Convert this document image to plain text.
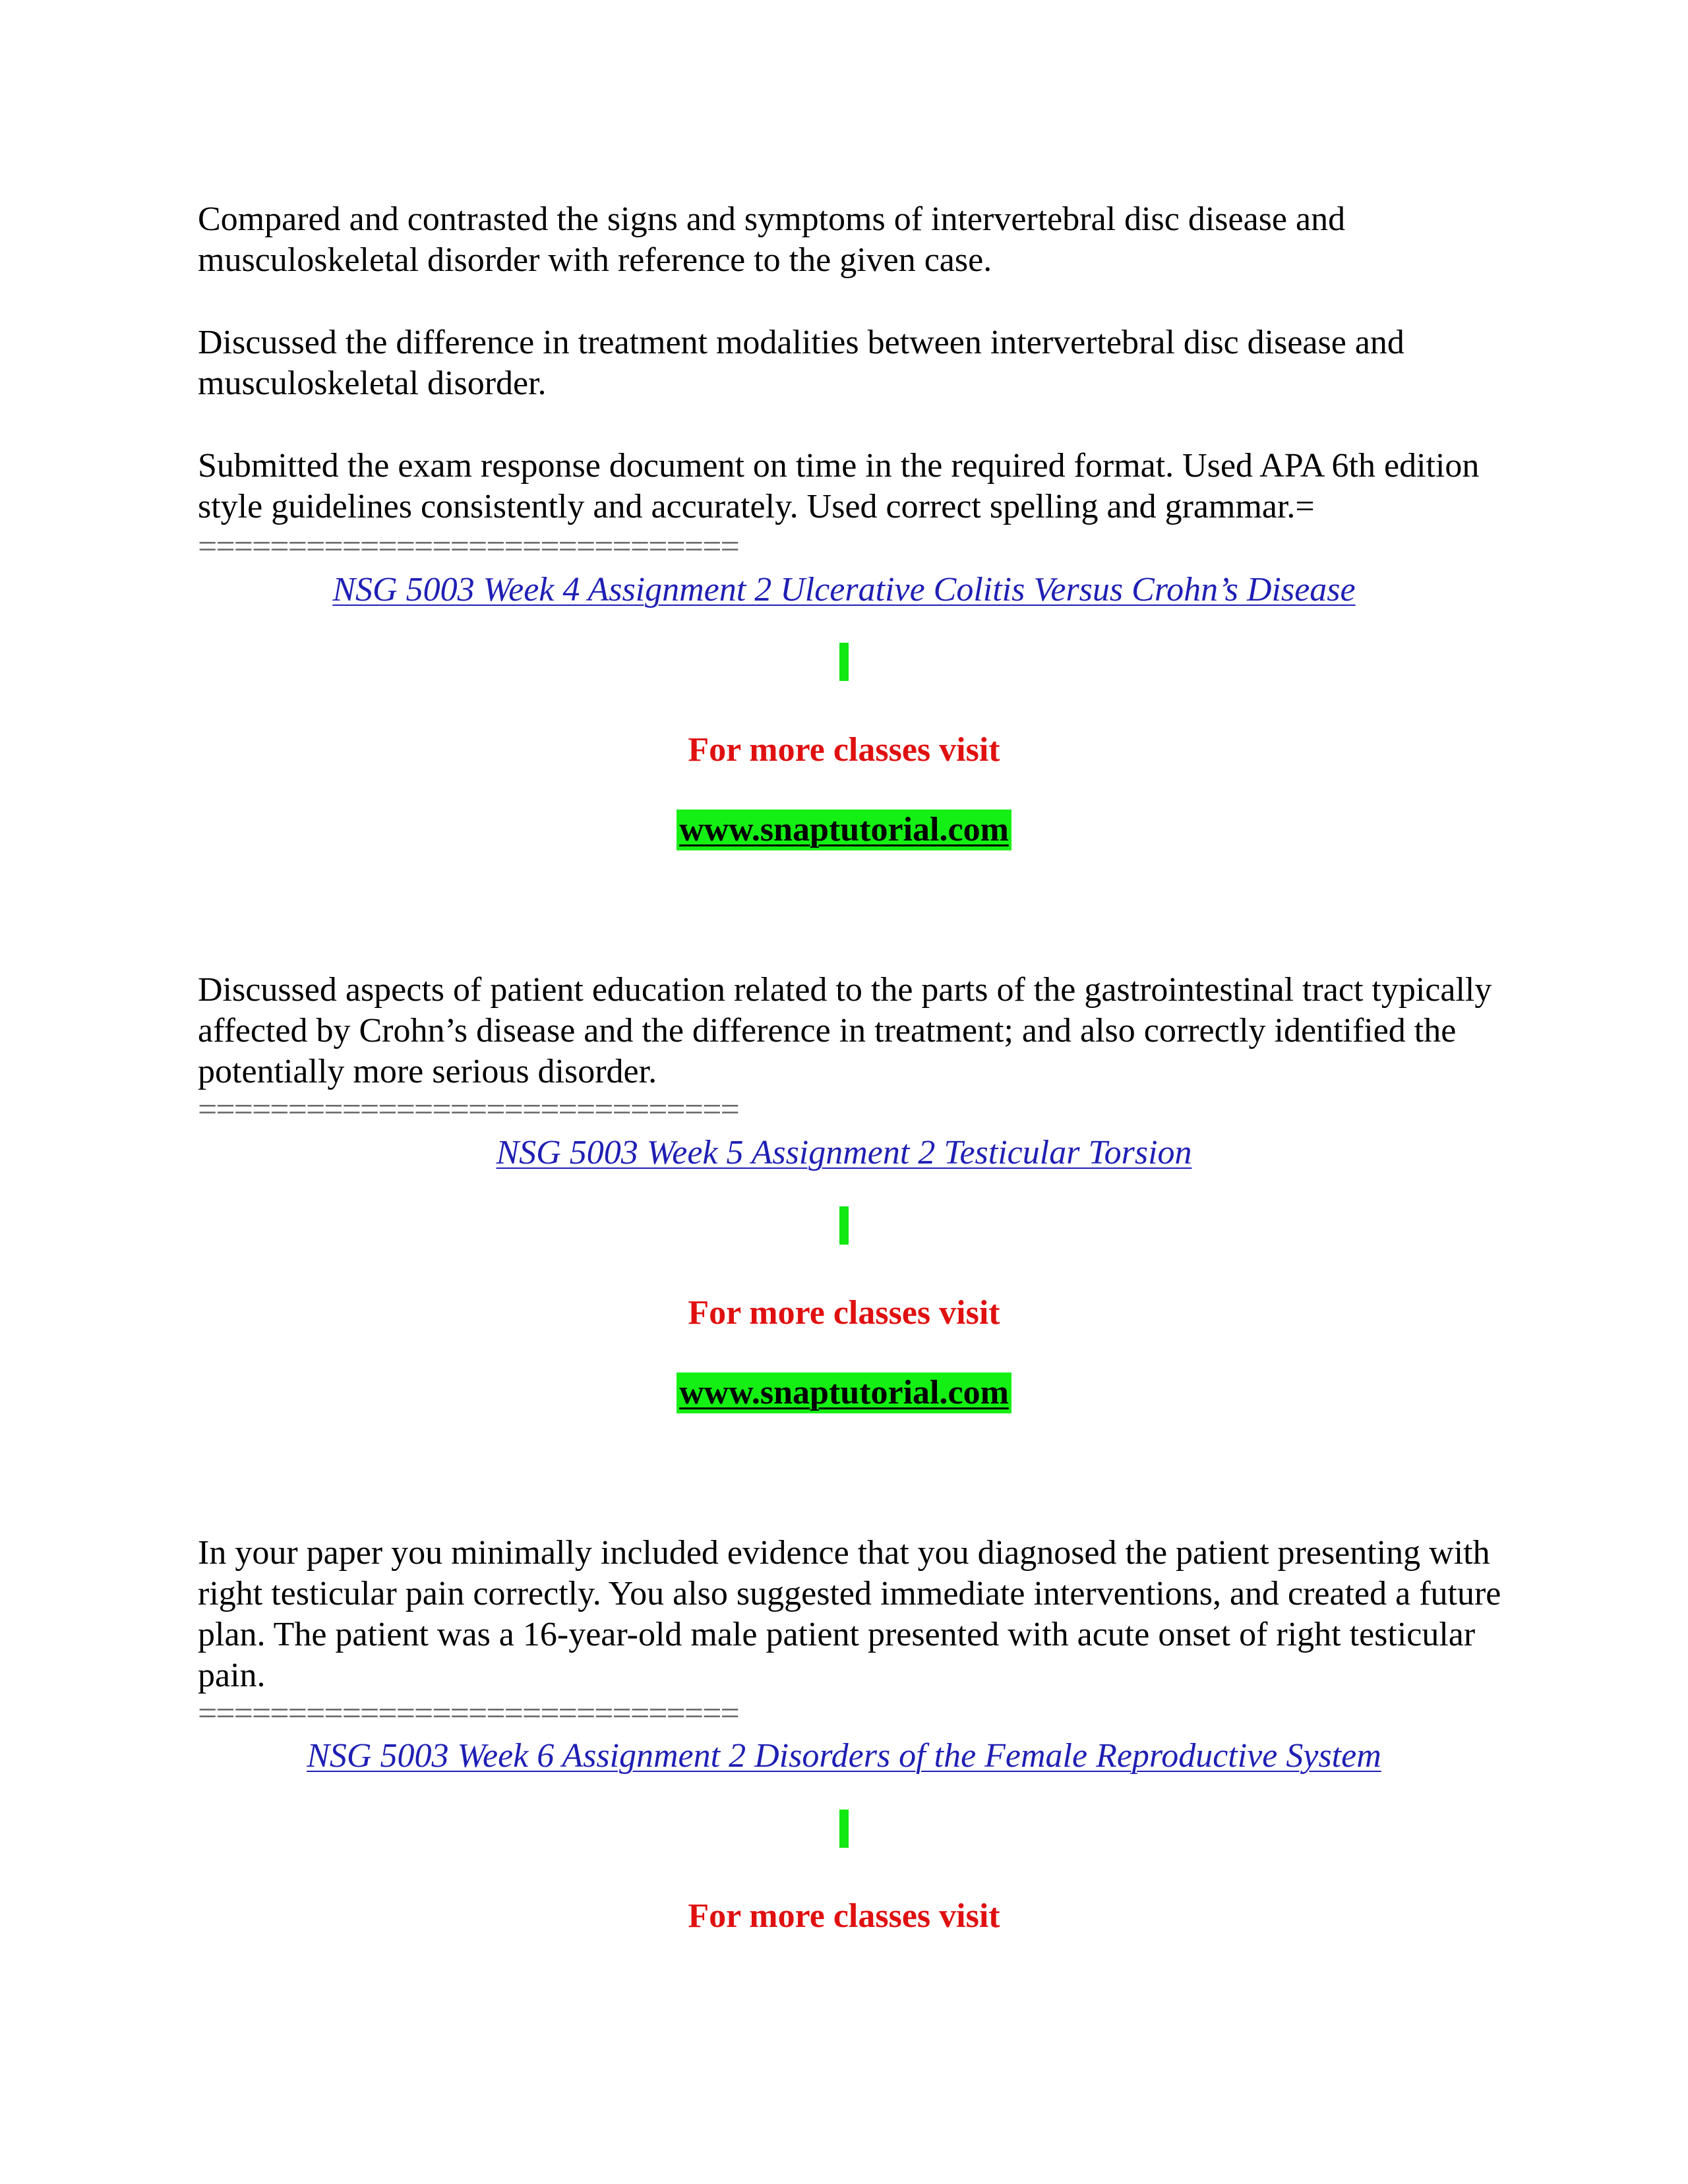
Compared and contrasted the signs and symptoms of intervertebral disc disease and musculoskeletal disorder with reference to the given case.

Discussed the difference in treatment modalities between intervertebral disc disease and musculoskeletal disorder.

Submitted the exam response document on time in the required format. Used APA 6th edition style guidelines consistently and accurately. Used correct spelling and grammar.=

==============================
NSG 5003 Week 4 Assignment 2 Ulcerative Colitis Versus Crohn’s Disease
For more classes visit
www.snaptutorial.com

Discussed aspects of patient education related to the parts of the gastrointestinal tract typically affected by Crohn’s disease and the difference in treatment; and also correctly identified the potentially more serious disorder.

==============================
NSG 5003 Week 5 Assignment 2 Testicular Torsion
For more classes visit
www.snaptutorial.com

In your paper you minimally included evidence that you diagnosed the patient presenting with right testicular pain correctly. You also suggested immediate interventions, and created a future plan. The patient was a 16-year-old male patient presented with acute onset of right testicular pain.

==============================
NSG 5003 Week 6 Assignment 2 Disorders of the Female Reproductive System
For more classes visit
